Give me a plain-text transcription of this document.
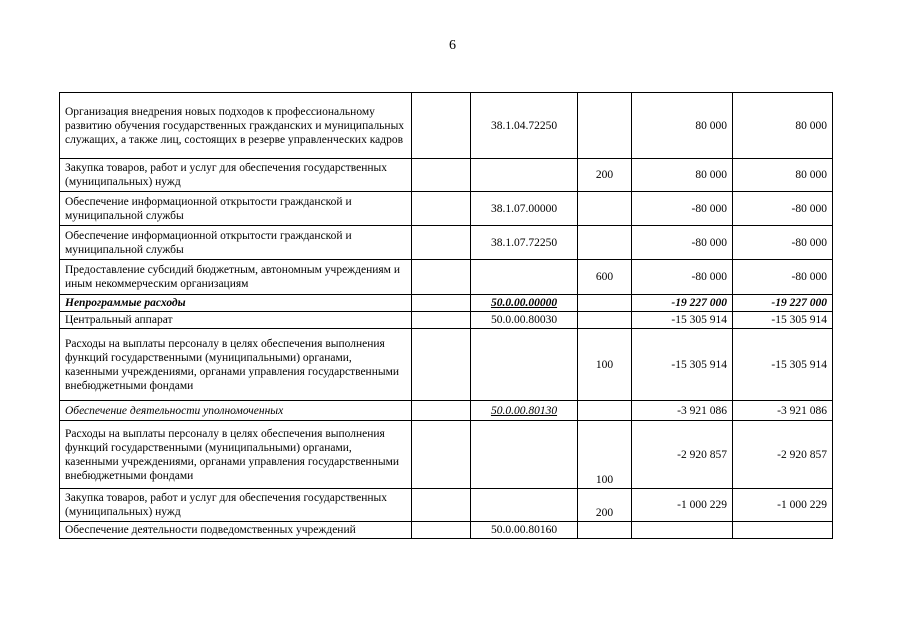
6
Организация внедрения новых подходов к профессиональному развитию обучения государственных гражданских и муниципальных служащих, а также лиц, состоящих в резерве управленческих кадров		38.1.04.72250		80 000	80 000
Закупка товаров, работ и услуг для обеспечения государственных (муниципальных) нужд			200	80 000	80 000
Обеспечение информационной открытости гражданской и муниципальной службы		38.1.07.00000		-80 000	-80 000
Обеспечение информационной открытости гражданской и муниципальной службы		38.1.07.72250		-80 000	-80 000
Предоставление субсидий бюджетным, автономным учреждениям и иным некоммерческим организациям			600	-80 000	-80 000
Непрограммые расходы		50.0.00.00000		-19 227 000	-19 227 000
Центральный аппарат		50.0.00.80030		-15 305 914	-15 305 914
Расходы на выплаты персоналу в целях обеспечения выполнения функций государственными (муниципальными) органами, казенными учреждениями, органами управления государственными внебюджетными фондами			100	-15 305 914	-15 305 914
Обеспечение деятельности уполномоченных		50.0.00.80130		-3 921 086	-3 921 086
Расходы на выплаты персоналу в целях обеспечения выполнения функций государственными (муниципальными) органами, казенными учреждениями, органами управления государственными внебюджетными фондами			100	-2 920 857	-2 920 857
Закупка товаров, работ и услуг для обеспечения государственных (муниципальных) нужд			200	-1 000 229	-1 000 229
Обеспечение деятельности подведомственных учреждений		50.0.00.80160			
